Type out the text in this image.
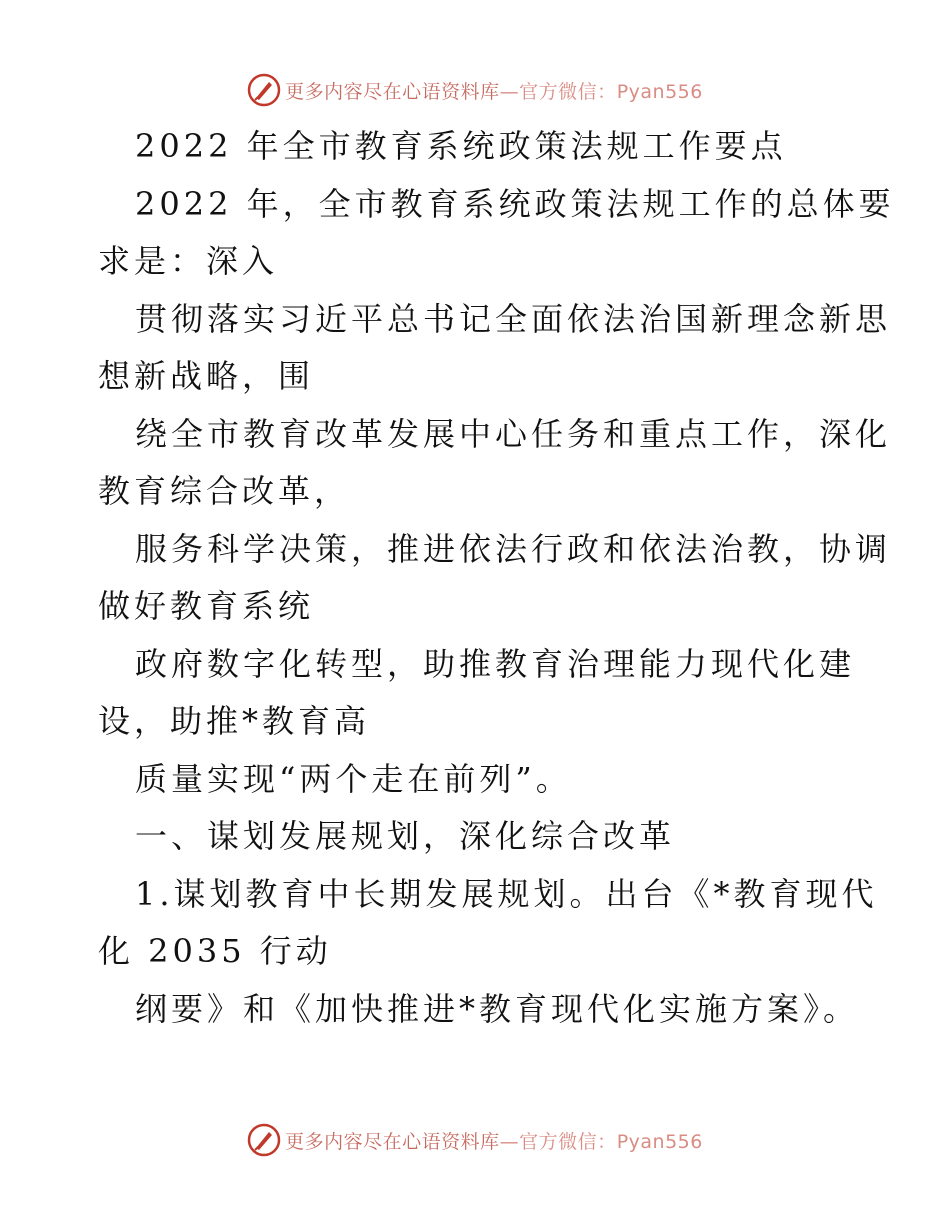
更多内容尽在心语资料库—官方微信：Pyan556
2022 年全市教育系统政策法规工作要点
2022 年，全市教育系统政策法规工作的总体要
求是：深入
贯彻落实习近平总书记全面依法治国新理念新思
想新战略，围
绕全市教育改革发展中心任务和重点工作，深化
教育综合改革，
服务科学决策，推进依法行政和依法治教，协调
做好教育系统
政府数字化转型，助推教育治理能力现代化建
设，助推*教育高
质量实现“两个走在前列”。
一、谋划发展规划，深化综合改革
1.谋划教育中长期发展规划。出台《*教育现代
化 2035 行动
纲要》和《加快推进*教育现代化实施方案》。
更多内容尽在心语资料库—官方微信：Pyan556
